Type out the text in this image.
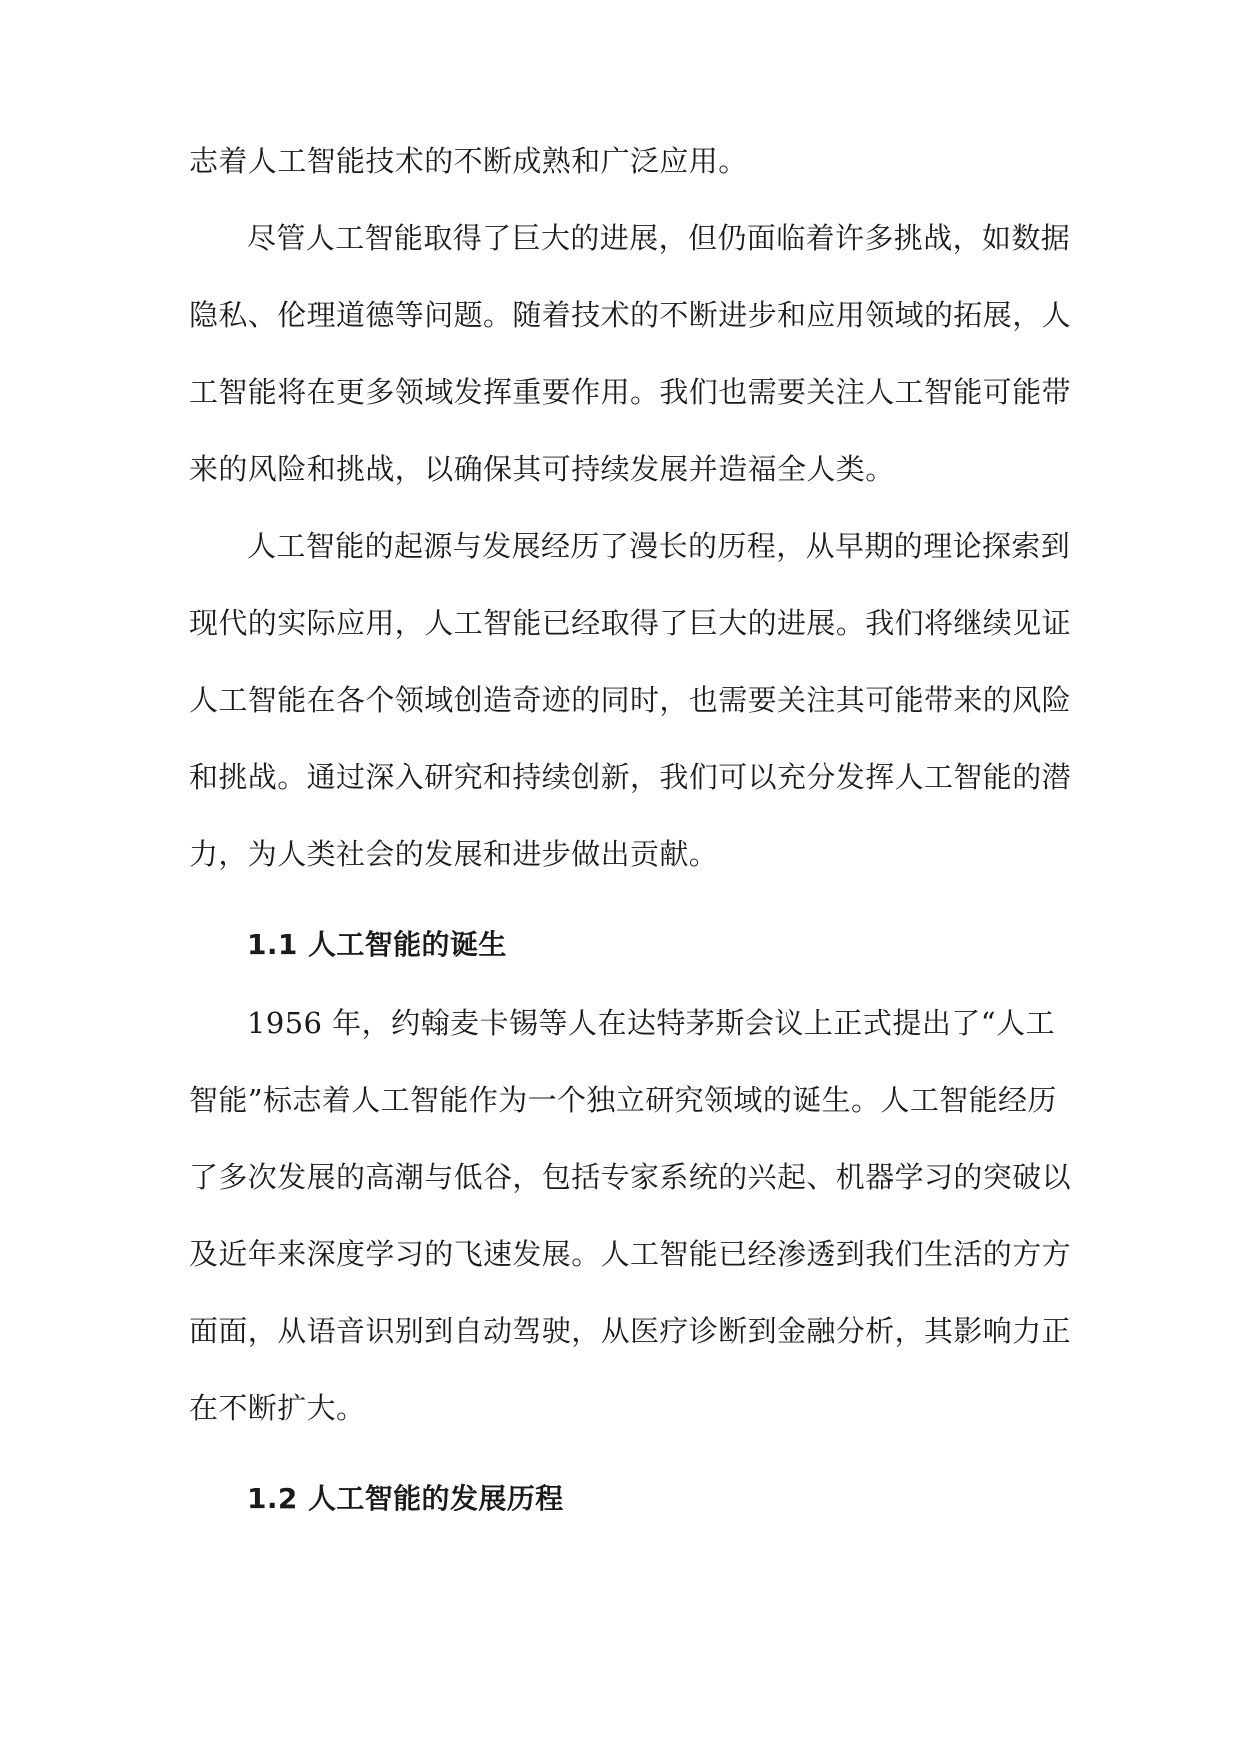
志着人工智能技术的不断成熟和广泛应用。
尽管人工智能取得了巨大的进展，但仍面临着许多挑战，如数据
隐私、伦理道德等问题。随着技术的不断进步和应用领域的拓展，人
工智能将在更多领域发挥重要作用。我们也需要关注人工智能可能带
来的风险和挑战，以确保其可持续发展并造福全人类。
人工智能的起源与发展经历了漫长的历程，从早期的理论探索到
现代的实际应用，人工智能已经取得了巨大的进展。我们将继续见证
人工智能在各个领域创造奇迹的同时，也需要关注其可能带来的风险
和挑战。通过深入研究和持续创新，我们可以充分发挥人工智能的潜
力，为人类社会的发展和进步做出贡献。
1.1 人工智能的诞生
1956 年，约翰麦卡锡等人在达特茅斯会议上正式提出了“人工
智能”标志着人工智能作为一个独立研究领域的诞生。人工智能经历
了多次发展的高潮与低谷，包括专家系统的兴起、机器学习的突破以
及近年来深度学习的飞速发展。人工智能已经渗透到我们生活的方方
面面，从语音识别到自动驾驶，从医疗诊断到金融分析，其影响力正
在不断扩大。
1.2 人工智能的发展历程
